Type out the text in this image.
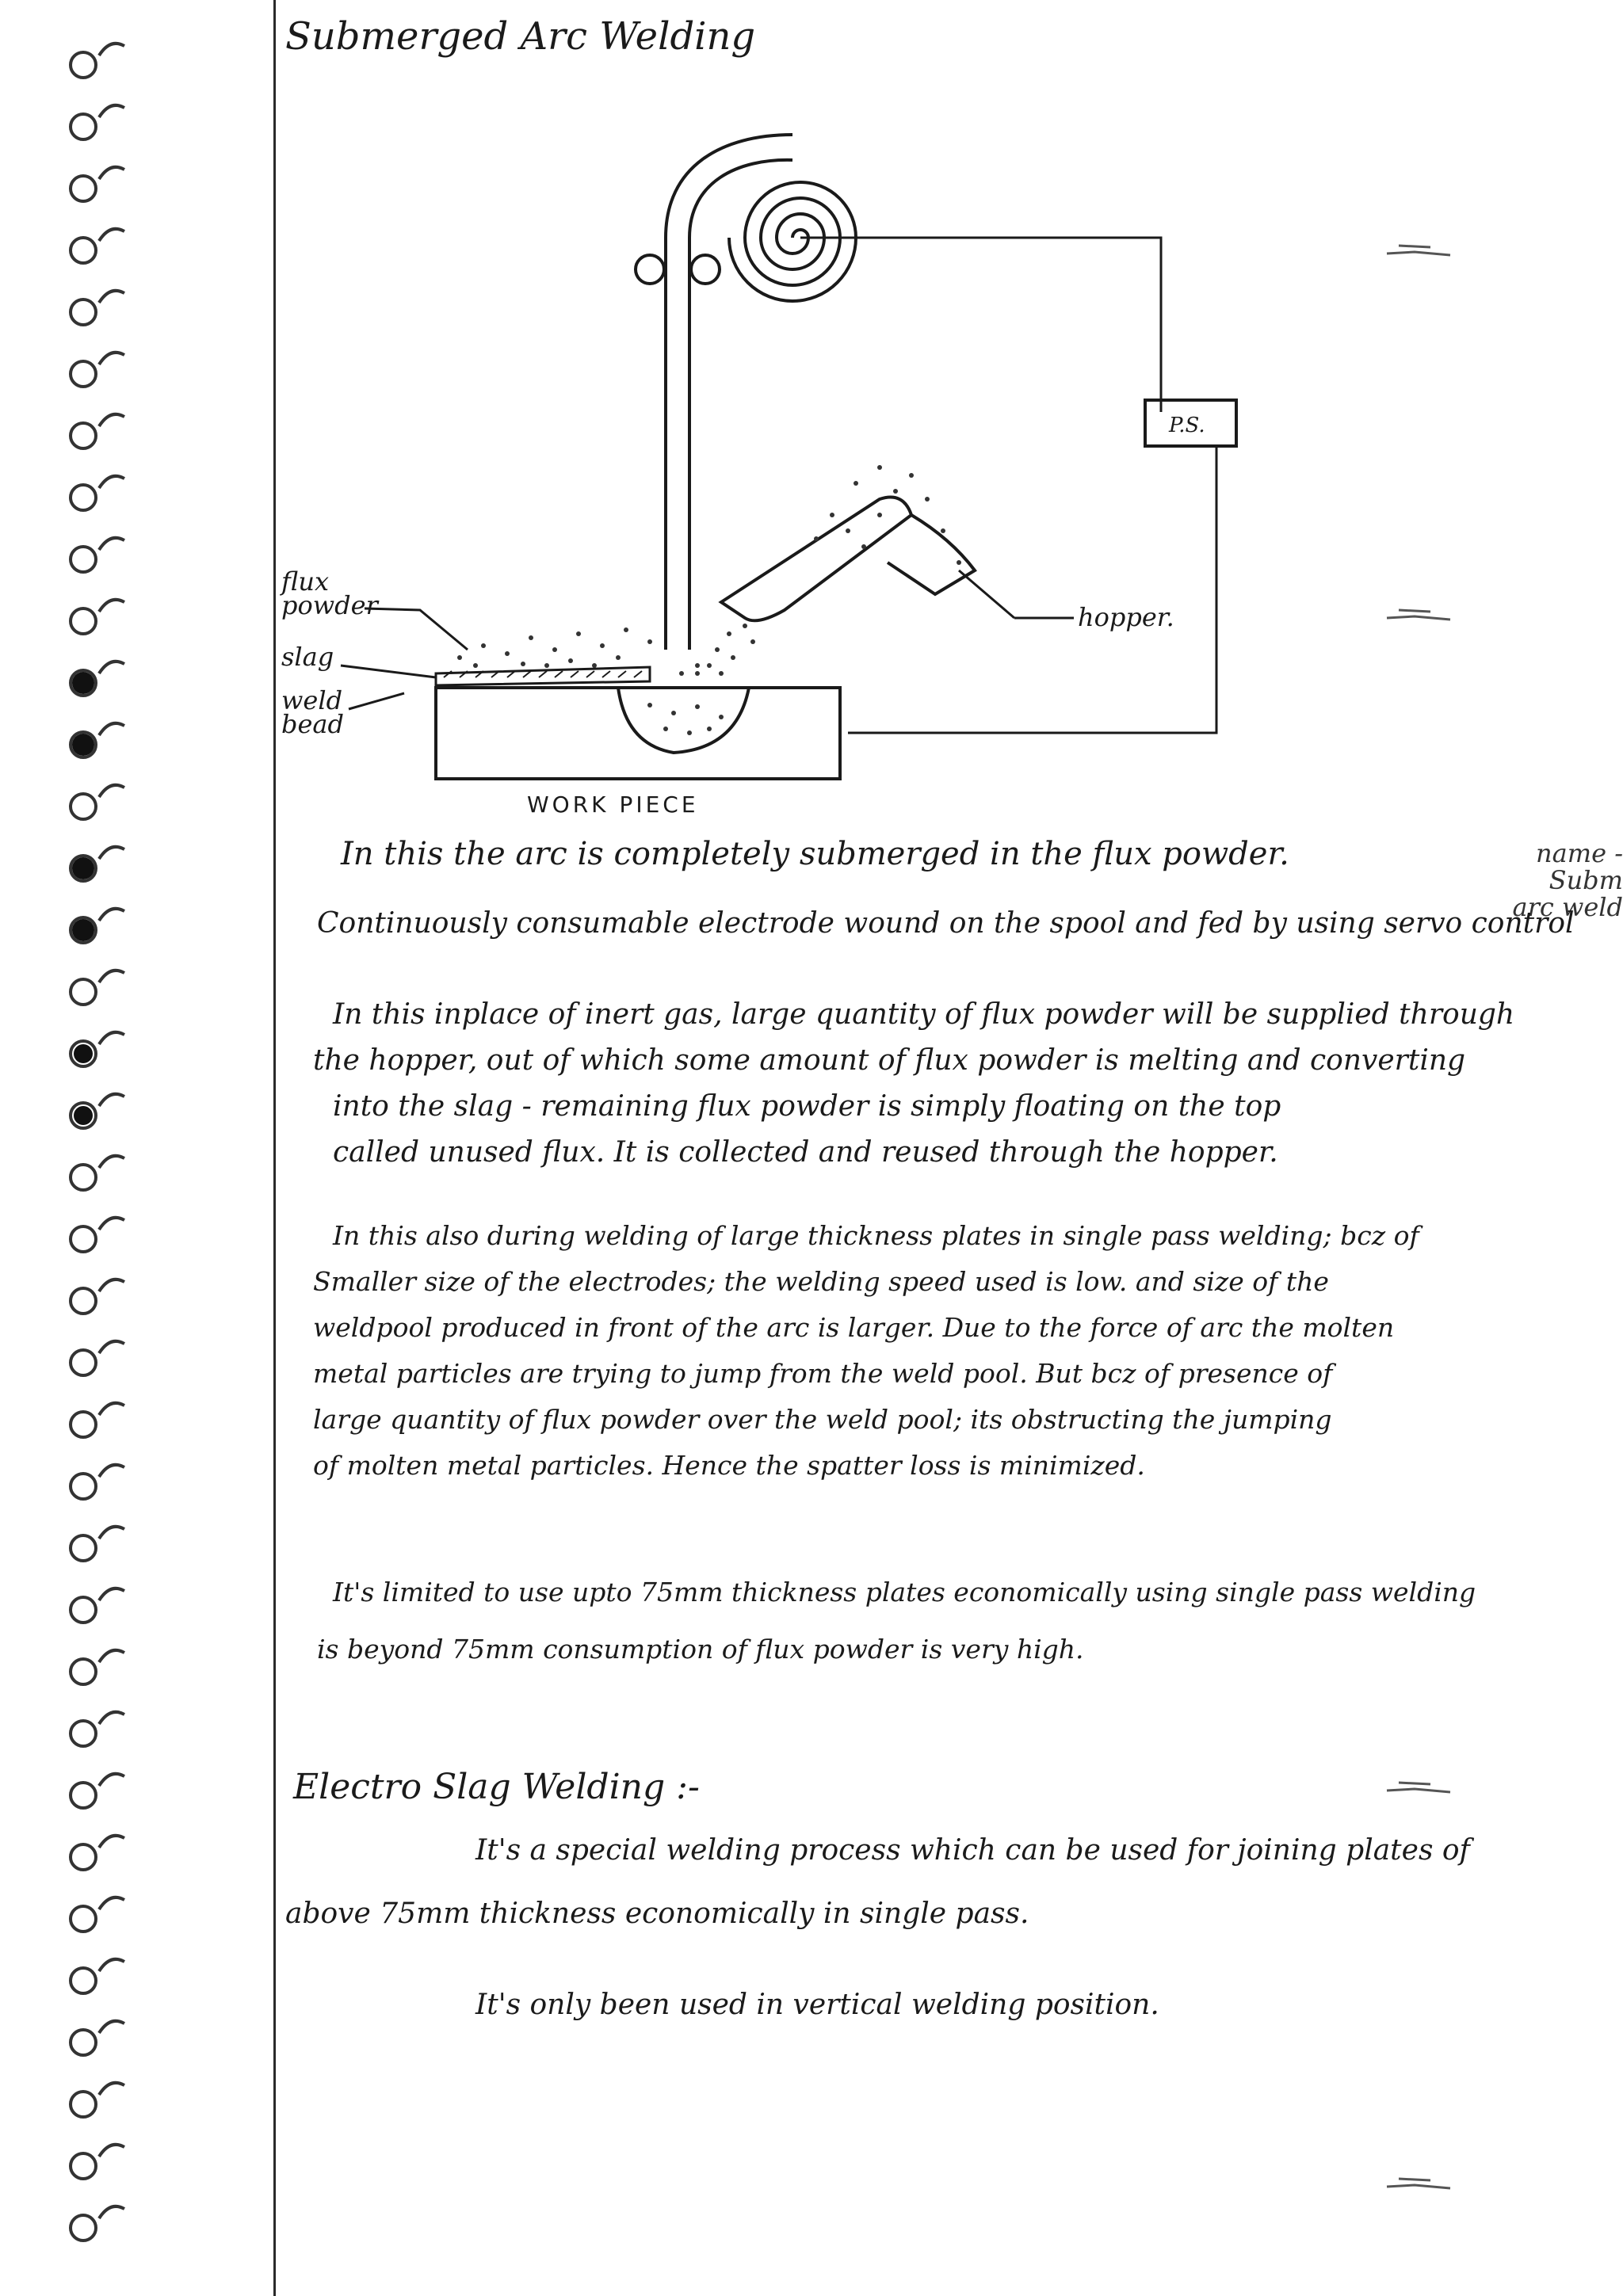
Submerged Arc Welding
P.S.
hopper.
flux
powder
slag
weld
bead
WORK PIECE
name - Subm
arc weld
In this the arc is completely submerged in the flux powder.
Continuously consumable electrode wound on the spool and fed by using servo control
In this inplace of inert gas, large quantity of flux powder will be supplied through
the hopper, out of which some amount of flux powder is melting and converting
into the slag - remaining flux powder is simply floating on the top
called unused flux. It is collected and reused through the hopper.
In this also during welding of large thickness plates in single pass welding; bcz of
Smaller size of the electrodes; the welding speed used is low. and size of the
weldpool produced in front of the arc is larger. Due to the force of arc the molten
metal particles are trying to jump from the weld pool. But bcz of presence of
large quantity of flux powder over the weld pool; its obstructing the jumping
of molten metal particles. Hence the spatter loss is minimized.
It's limited to use upto 75mm thickness plates economically using single pass welding
is beyond 75mm consumption of flux powder is very high.
Electro Slag Welding :-
It's a special welding process which can be used for joining plates of
above 75mm thickness economically in single pass.
It's only been used in vertical welding position.
